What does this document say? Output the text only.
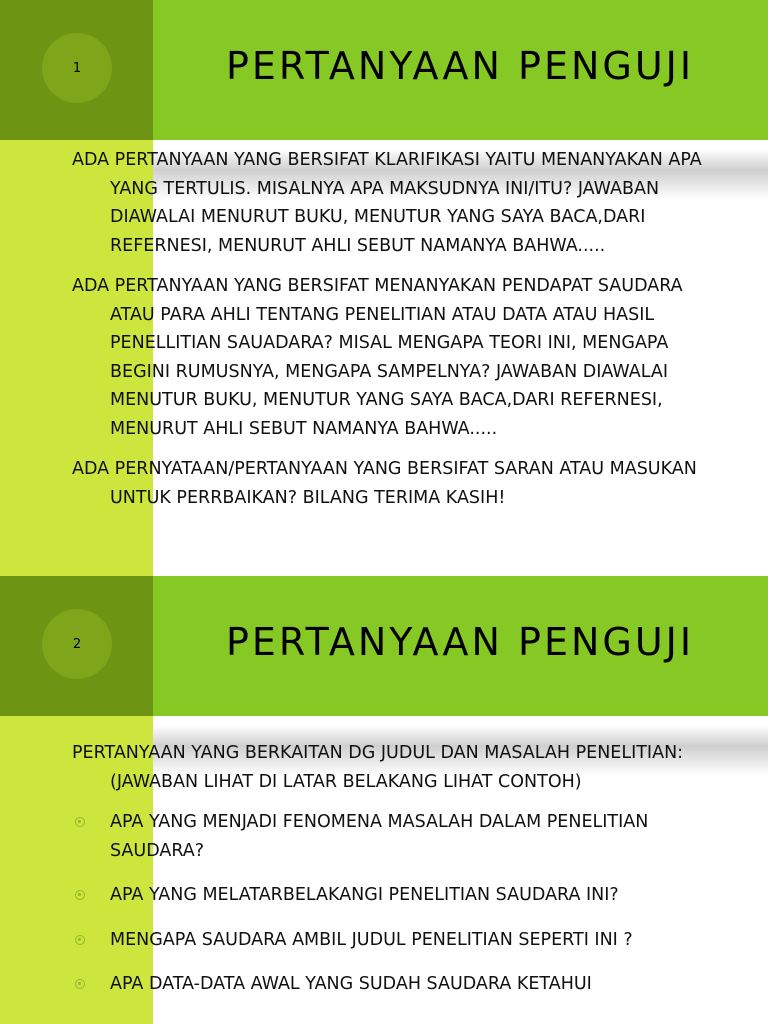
1	PERTANYAAN PENGUJI

ADA PERTANYAAN YANG BERSIFAT KLARIFIKASI YAITU MENANYAKAN APA YANG TERTULIS. MISALNYA APA MAKSUDNYA INI/ITU? JAWABAN DIAWALAI MENURUT BUKU, MENUTUR YANG SAYA BACA,DARI REFERNESI, MENURUT AHLI SEBUT NAMANYA BAHWA.....

ADA PERTANYAAN YANG BERSIFAT MENANYAKAN PENDAPAT SAUDARA ATAU PARA AHLI TENTANG PENELITIAN ATAU DATA ATAU HASIL PENELLITIAN SAUADARA? MISAL MENGAPA TEORI INI, MENGAPA BEGINI RUMUSNYA, MENGAPA SAMPELNYA? JAWABAN DIAWALAI MENUTUR BUKU, MENUTUR YANG SAYA BACA,DARI REFERNESI, MENURUT AHLI SEBUT NAMANYA BAHWA.....

ADA PERNYATAAN/PERTANYAAN YANG BERSIFAT SARAN ATAU MASUKAN UNTUK PERRBAIKAN? BILANG TERIMA KASIH!

2	PERTANYAAN PENGUJI

PERTANYAAN YANG BERKAITAN DG JUDUL DAN MASALAH PENELITIAN: (JAWABAN LIHAT DI LATAR BELAKANG LIHAT CONTOH)

APA YANG MENJADI FENOMENA MASALAH DALAM PENELITIAN SAUDARA?
APA YANG MELATARBELAKANGI PENELITIAN SAUDARA INI?
MENGAPA SAUDARA AMBIL JUDUL PENELITIAN SEPERTI INI ?
APA DATA-DATA AWAL YANG SUDAH SAUDARA KETAHUI
